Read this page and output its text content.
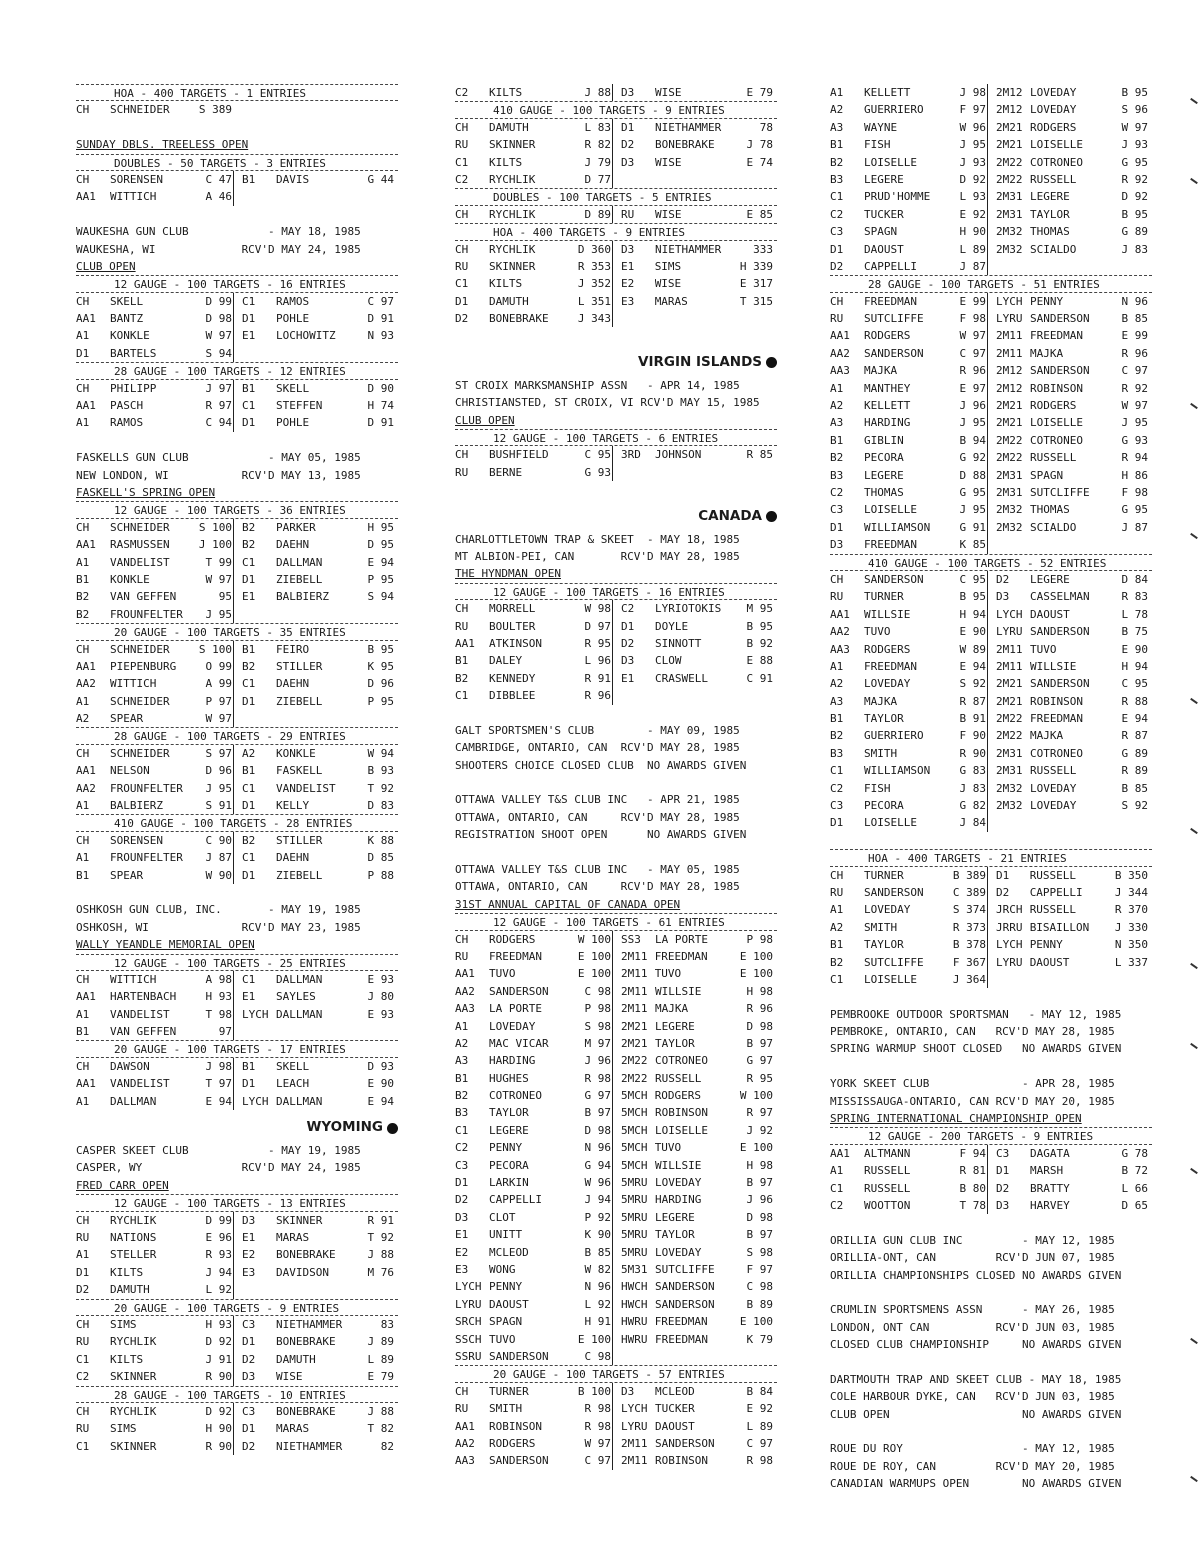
HOA - 400 TARGETS - 1 ENTRIES
CH	SCHNEIDER	S 389
SUNDAY DBLS. TREELESS OPEN
DOUBLES - 50 TARGETS - 3 ENTRIES
CH	SORENSEN	C 47 B1	DAVIS	G 44
AA1	WITTICH	A 46
WAUKESHA GUN CLUB            - MAY 18, 1985
WAUKESHA, WI             RCV'D MAY 24, 1985
CLUB OPEN
12 GAUGE - 100 TARGETS - 16 ENTRIES
CH	SKELL	D 99 C1	RAMOS	C 97
AA1	BANTZ	D 98 D1	POHLE	D 91
A1	KONKLE	W 97 E1	LOCHOWITZ	N 93
D1	BARTELS	S 94
28 GAUGE - 100 TARGETS - 12 ENTRIES
CH	PHILIPP	J 97 B1	SKELL	D 90
AA1	PASCH	R 97 C1	STEFFEN	H 74
A1	RAMOS	C 94 D1	POHLE	D 91
FASKELLS GUN CLUB            - MAY 05, 1985
NEW LONDON, WI           RCV'D MAY 13, 1985
FASKELL'S SPRING OPEN
12 GAUGE - 100 TARGETS - 36 ENTRIES
CH	SCHNEIDER	S 100 B2	PARKER	H 95
AA1	RASMUSSEN	J 100 B2	DAEHN	D 95
A1	VANDELIST	T 99 C1	DALLMAN	E 94
B1	KONKLE	W 97 D1	ZIEBELL	P 95
B2	VAN GEFFEN	95 E1	BALBIERZ	S 94
B2	FROUNFELTER	J 95
20 GAUGE - 100 TARGETS - 35 ENTRIES
CH	SCHNEIDER	S 100 B1	FEIRO	B 95
AA1	PIEPENBURG	O 99 B2	STILLER	K 95
AA2	WITTICH	A 99 C1	DAEHN	D 96
A1	SCHNEIDER	P 97 D1	ZIEBELL	P 95
A2	SPEAR	W 97
28 GAUGE - 100 TARGETS - 29 ENTRIES
CH	SCHNEIDER	S 97 A2	KONKLE	W 94
AA1	NELSON	D 96 B1	FASKELL	B 93
AA2	FROUNFELTER	J 95 C1	VANDELIST	T 92
A1	BALBIERZ	S 91 D1	KELLY	D 83
410 GAUGE - 100 TARGETS - 28 ENTRIES
CH	SORENSEN	C 90 B2	STILLER	K 88
A1	FROUNFELTER	J 87 C1	DAEHN	D 85
B1	SPEAR	W 90 D1	ZIEBELL	P 88
OSHKOSH GUN CLUB, INC.       - MAY 19, 1985
OSHKOSH, WI              RCV'D MAY 23, 1985
WALLY YEANDLE MEMORIAL OPEN
12 GAUGE - 100 TARGETS - 25 ENTRIES
CH	WITTICH	A 98 C1	DALLMAN	E 93
AA1	HARTENBACH	H 93 E1	SAYLES	J 80
A1	VANDELIST	T 98 LYCH DALLMAN	E 93
B1	VAN GEFFEN	97
20 GAUGE - 100 TARGETS - 17 ENTRIES
CH	DAWSON	J 98 B1	SKELL	D 93
AA1	VANDELIST	T 97 D1	LEACH	E 90
A1	DALLMAN	E 94 LYCH DALLMAN	E 94
WYOMING
CASPER SKEET CLUB            - MAY 19, 1985
CASPER, WY               RCV'D MAY 24, 1985
FRED CARR OPEN
12 GAUGE - 100 TARGETS - 13 ENTRIES
CH	RYCHLIK	D 99 D3	SKINNER	R 91
RU	NATIONS	E 96 E1	MARAS	T 92
A1	STELLER	R 93 E2	BONEBRAKE	J 88
D1	KILTS	J 94 E3	DAVIDSON	M 76
D2	DAMUTH	L 92
20 GAUGE - 100 TARGETS - 9 ENTRIES
CH	SIMS	H 93 C3	NIETHAMMER	83
RU	RYCHLIK	D 92 D1	BONEBRAKE	J 89
C1	KILTS	J 91 D2	DAMUTH	L 89
C2	SKINNER	R 90 D3	WISE	E 79
28 GAUGE - 100 TARGETS - 10 ENTRIES
CH	RYCHLIK	D 92 C3	BONEBRAKE	J 88
RU	SIMS	H 90 D1	MARAS	T 82
C1	SKINNER	R 90 D2	NIETHAMMER	82
C2	KILTS	J 88 D3	WISE	E 79
410 GAUGE - 100 TARGETS - 9 ENTRIES
CH	DAMUTH	L 83 D1	NIETHAMMER	78
RU	SKINNER	R 82 D2	BONEBRAKE	J 78
C1	KILTS	J 79 D3	WISE	E 74
C2	RYCHLIK	D 77
DOUBLES - 100 TARGETS - 5 ENTRIES
CH	RYCHLIK	D 89 RU	WISE	E 85
HOA - 400 TARGETS - 9 ENTRIES
CH	RYCHLIK	D 360 D3	NIETHAMMER	333
RU	SKINNER	R 353 E1	SIMS	H 339
C1	KILTS	J 352 E2	WISE	E 317
D1	DAMUTH	L 351 E3	MARAS	T 315
D2	BONEBRAKE	J 343
VIRGIN ISLANDS
ST CROIX MARKSMANSHIP ASSN   - APR 14, 1985
CHRISTIANSTED, ST CROIX, VI RCV'D MAY 15, 1985
CLUB OPEN
12 GAUGE - 100 TARGETS - 6 ENTRIES
CH	BUSHFIELD	C 95 3RD	JOHNSON	R 85
RU	BERNE	G 93
CANADA
CHARLOTTLETOWN TRAP & SKEET  - MAY 18, 1985
MT ALBION-PEI, CAN       RCV'D MAY 28, 1985
THE HYNDMAN OPEN
12 GAUGE - 100 TARGETS - 16 ENTRIES
CH	MORRELL	W 98 C2	LYRIOTOKIS	M 95
RU	BOULTER	D 97 D1	DOYLE	B 95
AA1	ATKINSON	R 95 D2	SINNOTT	B 92
B1	DALEY	L 96 D3	CLOW	E 88
B2	KENNEDY	R 91 E1	CRASWELL	C 91
C1	DIBBLEE	R 96
GALT SPORTSMEN'S CLUB        - MAY 09, 1985
CAMBRIDGE, ONTARIO, CAN  RCV'D MAY 28, 1985
SHOOTERS CHOICE CLOSED CLUB  NO AWARDS GIVEN
OTTAWA VALLEY T&S CLUB INC   - APR 21, 1985
OTTAWA, ONTARIO, CAN     RCV'D MAY 28, 1985
REGISTRATION SHOOT OPEN      NO AWARDS GIVEN
OTTAWA VALLEY T&S CLUB INC   - MAY 05, 1985
OTTAWA, ONTARIO, CAN     RCV'D MAY 28, 1985
31ST ANNUAL CAPITAL OF CANADA OPEN
12 GAUGE - 100 TARGETS - 61 ENTRIES
CH	RODGERS	W 100 SS3	LA PORTE	P 98
RU	FREEDMAN	E 100 2M11 FREEDMAN	E 100
AA1	TUVO	E 100 2M11 TUVO	E 100
AA2	SANDERSON	C 98 2M11 WILLSIE	H 98
AA3	LA PORTE	P 98 2M11 MAJKA	R 96
A1	LOVEDAY	S 98 2M21 LEGERE	D 98
A2	MAC VICAR	M 97 2M21 TAYLOR	B 97
A3	HARDING	J 96 2M22 COTRONEO	G 97
B1	HUGHES	R 98 2M22 RUSSELL	R 95
B2	COTRONEO	G 97 5MCH RODGERS	W 100
B3	TAYLOR	B 97 5MCH ROBINSON	R 97
C1	LEGERE	D 98 5MCH LOISELLE	J 92
C2	PENNY	N 96 5MCH TUVO	E 100
C3	PECORA	G 94 5MCH WILLSIE	H 98
D1	LARKIN	W 96 5MRU LOVEDAY	B 97
D2	CAPPELLI	J 94 5MRU HARDING	J 96
D3	CLOT	P 92 5MRU LEGERE	D 98
E1	UNITT	K 90 5MRU TAYLOR	B 97
E2	MCLEOD	B 85 5MRU LOVEDAY	S 98
E3	WONG	W 82 5M31 SUTCLIFFE	F 97
LYCH PENNY	N 96 HWCH SANDERSON	C 98
LYRU DAOUST	L 92 HWCH SANDERSON	B 89
SRCH SPAGN	H 91 HWRU FREEDMAN	E 100
SSCH TUVO	E 100 HWRU FREEDMAN	K 79
SSRU SANDERSON	C 98
20 GAUGE - 100 TARGETS - 57 ENTRIES
CH	TURNER	B 100 D3	MCLEOD	B 84
RU	SMITH	R 98 LYCH TUCKER	E 92
AA1	ROBINSON	R 98 LYRU DAOUST	L 89
AA2	RODGERS	W 97 2M11 SANDERSON	C 97
AA3	SANDERSON	C 97 2M11 ROBINSON	R 98
A1	KELLETT	J 98 2M12 LOVEDAY	B 95
A2	GUERRIERO	F 97 2M12 LOVEDAY	S 96
A3	WAYNE	W 96 2M21 RODGERS	W 97
B1	FISH	J 95 2M21 LOISELLE	J 93
B2	LOISELLE	J 93 2M22 COTRONEO	G 95
B3	LEGERE	D 92 2M22 RUSSELL	R 92
C1	PRUD'HOMME	L 93 2M31 LEGERE	D 92
C2	TUCKER	E 92 2M31 TAYLOR	B 95
C3	SPAGN	H 90 2M32 THOMAS	G 89
D1	DAOUST	L 89 2M32 SCIALDO	J 83
D2	CAPPELLI	J 87
28 GAUGE - 100 TARGETS - 51 ENTRIES
CH	FREEDMAN	E 99 LYCH PENNY	N 96
RU	SUTCLIFFE	F 98 LYRU SANDERSON	B 85
AA1	RODGERS	W 97 2M11 FREEDMAN	E 99
AA2	SANDERSON	C 97 2M11 MAJKA	R 96
AA3	MAJKA	R 96 2M12 SANDERSON	C 97
A1	MANTHEY	E 97 2M12 ROBINSON	R 92
A2	KELLETT	J 96 2M21 RODGERS	W 97
A3	HARDING	J 95 2M21 LOISELLE	J 95
B1	GIBLIN	B 94 2M22 COTRONEO	G 93
B2	PECORA	G 92 2M22 RUSSELL	R 94
B3	LEGERE	D 88 2M31 SPAGN	H 86
C2	THOMAS	G 95 2M31 SUTCLIFFE	F 98
C3	LOISELLE	J 95 2M32 THOMAS	G 95
D1	WILLIAMSON	G 91 2M32 SCIALDO	J 87
D3	FREEDMAN	K 85
410 GAUGE - 100 TARGETS - 52 ENTRIES
CH	SANDERSON	C 95 D2	LEGERE	D 84
RU	TURNER	B 95 D3	CASSELMAN	R 83
AA1	WILLSIE	H 94 LYCH DAOUST	L 78
AA2	TUVO	E 90 LYRU SANDERSON	B 75
AA3	RODGERS	W 89 2M11 TUVO	E 90
A1	FREEDMAN	E 94 2M11 WILLSIE	H 94
A2	LOVEDAY	S 92 2M21 SANDERSON	C 95
A3	MAJKA	R 87 2M21 ROBINSON	R 88
B1	TAYLOR	B 91 2M22 FREEDMAN	E 94
B2	GUERRIERO	F 90 2M22 MAJKA	R 87
B3	SMITH	R 90 2M31 COTRONEO	G 89
C1	WILLIAMSON	G 83 2M31 RUSSELL	R 89
C2	FISH	J 83 2M32 LOVEDAY	B 85
C3	PECORA	G 82 2M32 LOVEDAY	S 92
D1	LOISELLE	J 84
HOA - 400 TARGETS - 21 ENTRIES
CH	TURNER	B 389 D1	RUSSELL	B 350
RU	SANDERSON	C 389 D2	CAPPELLI	J 344
A1	LOVEDAY	S 374 JRCH RUSSELL	R 370
A2	SMITH	R 373 JRRU BISAILLON	J 330
B1	TAYLOR	B 378 LYCH PENNY	N 350
B2	SUTCLIFFE	F 367 LYRU DAOUST	L 337
C1	LOISELLE	J 364
PEMBROOKE OUTDOOR SPORTSMAN   - MAY 12, 1985
PEMBROKE, ONTARIO, CAN   RCV'D MAY 28, 1985
SPRING WARMUP SHOOT CLOSED   NO AWARDS GIVEN
YORK SKEET CLUB              - APR 28, 1985
MISSISSAUGA-ONTARIO, CAN RCV'D MAY 20, 1985
SPRING INTERNATIONAL CHAMPIONSHIP OPEN
12 GAUGE - 200 TARGETS - 9 ENTRIES
AA1	ALTMANN	F 94 C3	DAGATA	G 78
A1	RUSSELL	R 81 D1	MARSH	B 72
C1	RUSSELL	B 80 D2	BRATTY	L 66
C2	WOOTTON	T 78 D3	HARVEY	D 65
ORILLIA GUN CLUB INC         - MAY 12, 1985
ORILLIA-ONT, CAN         RCV'D JUN 07, 1985
ORILLIA CHAMPIONSHIPS CLOSED NO AWARDS GIVEN
CRUMLIN SPORTSMENS ASSN      - MAY 26, 1985
LONDON, ONT CAN          RCV'D JUN 03, 1985
CLOSED CLUB CHAMPIONSHIP     NO AWARDS GIVEN
DARTMOUTH TRAP AND SKEET CLUB - MAY 18, 1985
COLE HARBOUR DYKE, CAN   RCV'D JUN 03, 1985
CLUB OPEN                    NO AWARDS GIVEN
ROUE DU ROY                  - MAY 12, 1985
ROUE DE ROY, CAN         RCV'D MAY 20, 1985
CANADIAN WARMUPS OPEN        NO AWARDS GIVEN
